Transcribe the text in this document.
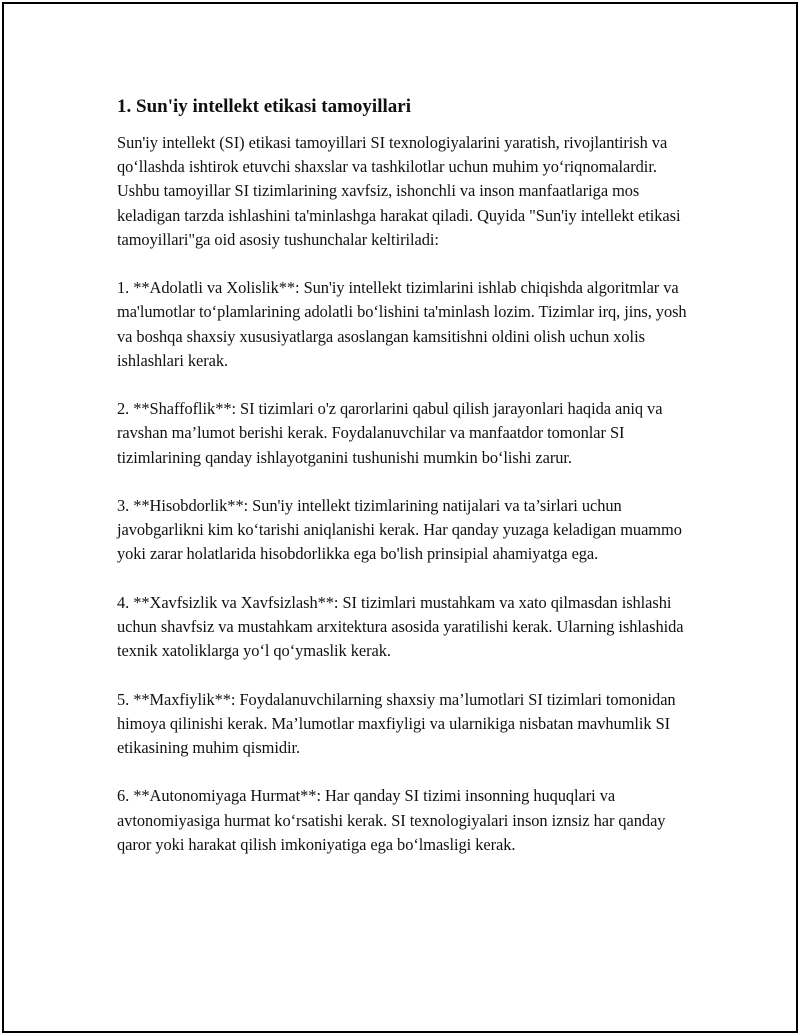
1. Sun'iy intellekt etikasi tamoyillari

Sun'iy intellekt (SI) etikasi tamoyillari SI texnologiyalarini yaratish, rivojlantirish va qo‘llashda ishtirok etuvchi shaxslar va tashkilotlar uchun muhim yo‘riqnomalardir. Ushbu tamoyillar SI tizimlarining xavfsiz, ishonchli va inson manfaatlariga mos keladigan tarzda ishlashini ta'minlashga harakat qiladi. Quyida "Sun'iy intellekt etikasi tamoyillari"ga oid asosiy tushunchalar keltiriladi:

1. **Adolatli va Xolislik**: Sun'iy intellekt tizimlarini ishlab chiqishda algoritmlar va ma'lumotlar to‘plamlarining adolatli bo‘lishini ta'minlash lozim. Tizimlar irq, jins, yosh va boshqa shaxsiy xususiyatlarga asoslangan kamsitishni oldini olish uchun xolis ishlashlari kerak.

2. **Shaffoflik**: SI tizimlari o'z qarorlarini qabul qilish jarayonlari haqida aniq va ravshan ma’lumot berishi kerak. Foydalanuvchilar va manfaatdor tomonlar SI tizimlarining qanday ishlayotganini tushunishi mumkin bo‘lishi zarur.

3. **Hisobdorlik**: Sun'iy intellekt tizimlarining natijalari va ta’sirlari uchun javobgarlikni kim ko‘tarishi aniqlanishi kerak. Har qanday yuzaga keladigan muammo yoki zarar holatlarida hisobdorlikka ega bo'lish prinsipial ahamiyatga ega.

4. **Xavfsizlik va Xavfsizlash**: SI tizimlari mustahkam va xato qilmasdan ishlashi uchun shavfsiz va mustahkam arxitektura asosida yaratilishi kerak. Ularning ishlashida texnik xatoliklarga yo‘l qo‘ymaslik kerak.

5. **Maxfiylik**: Foydalanuvchilarning shaxsiy ma’lumotlari SI tizimlari tomonidan himoya qilinishi kerak. Ma’lumotlar maxfiyligi va ularnikiga nisbatan mavhumlik SI etikasining muhim qismidir.

6. **Autonomiyaga Hurmat**: Har qanday SI tizimi insonning huquqlari va avtonomiyasiga hurmat ko‘rsatishi kerak. SI texnologiyalari inson iznsiz har qanday qaror yoki harakat qilish imkoniyatiga ega bo‘lmasligi kerak.
